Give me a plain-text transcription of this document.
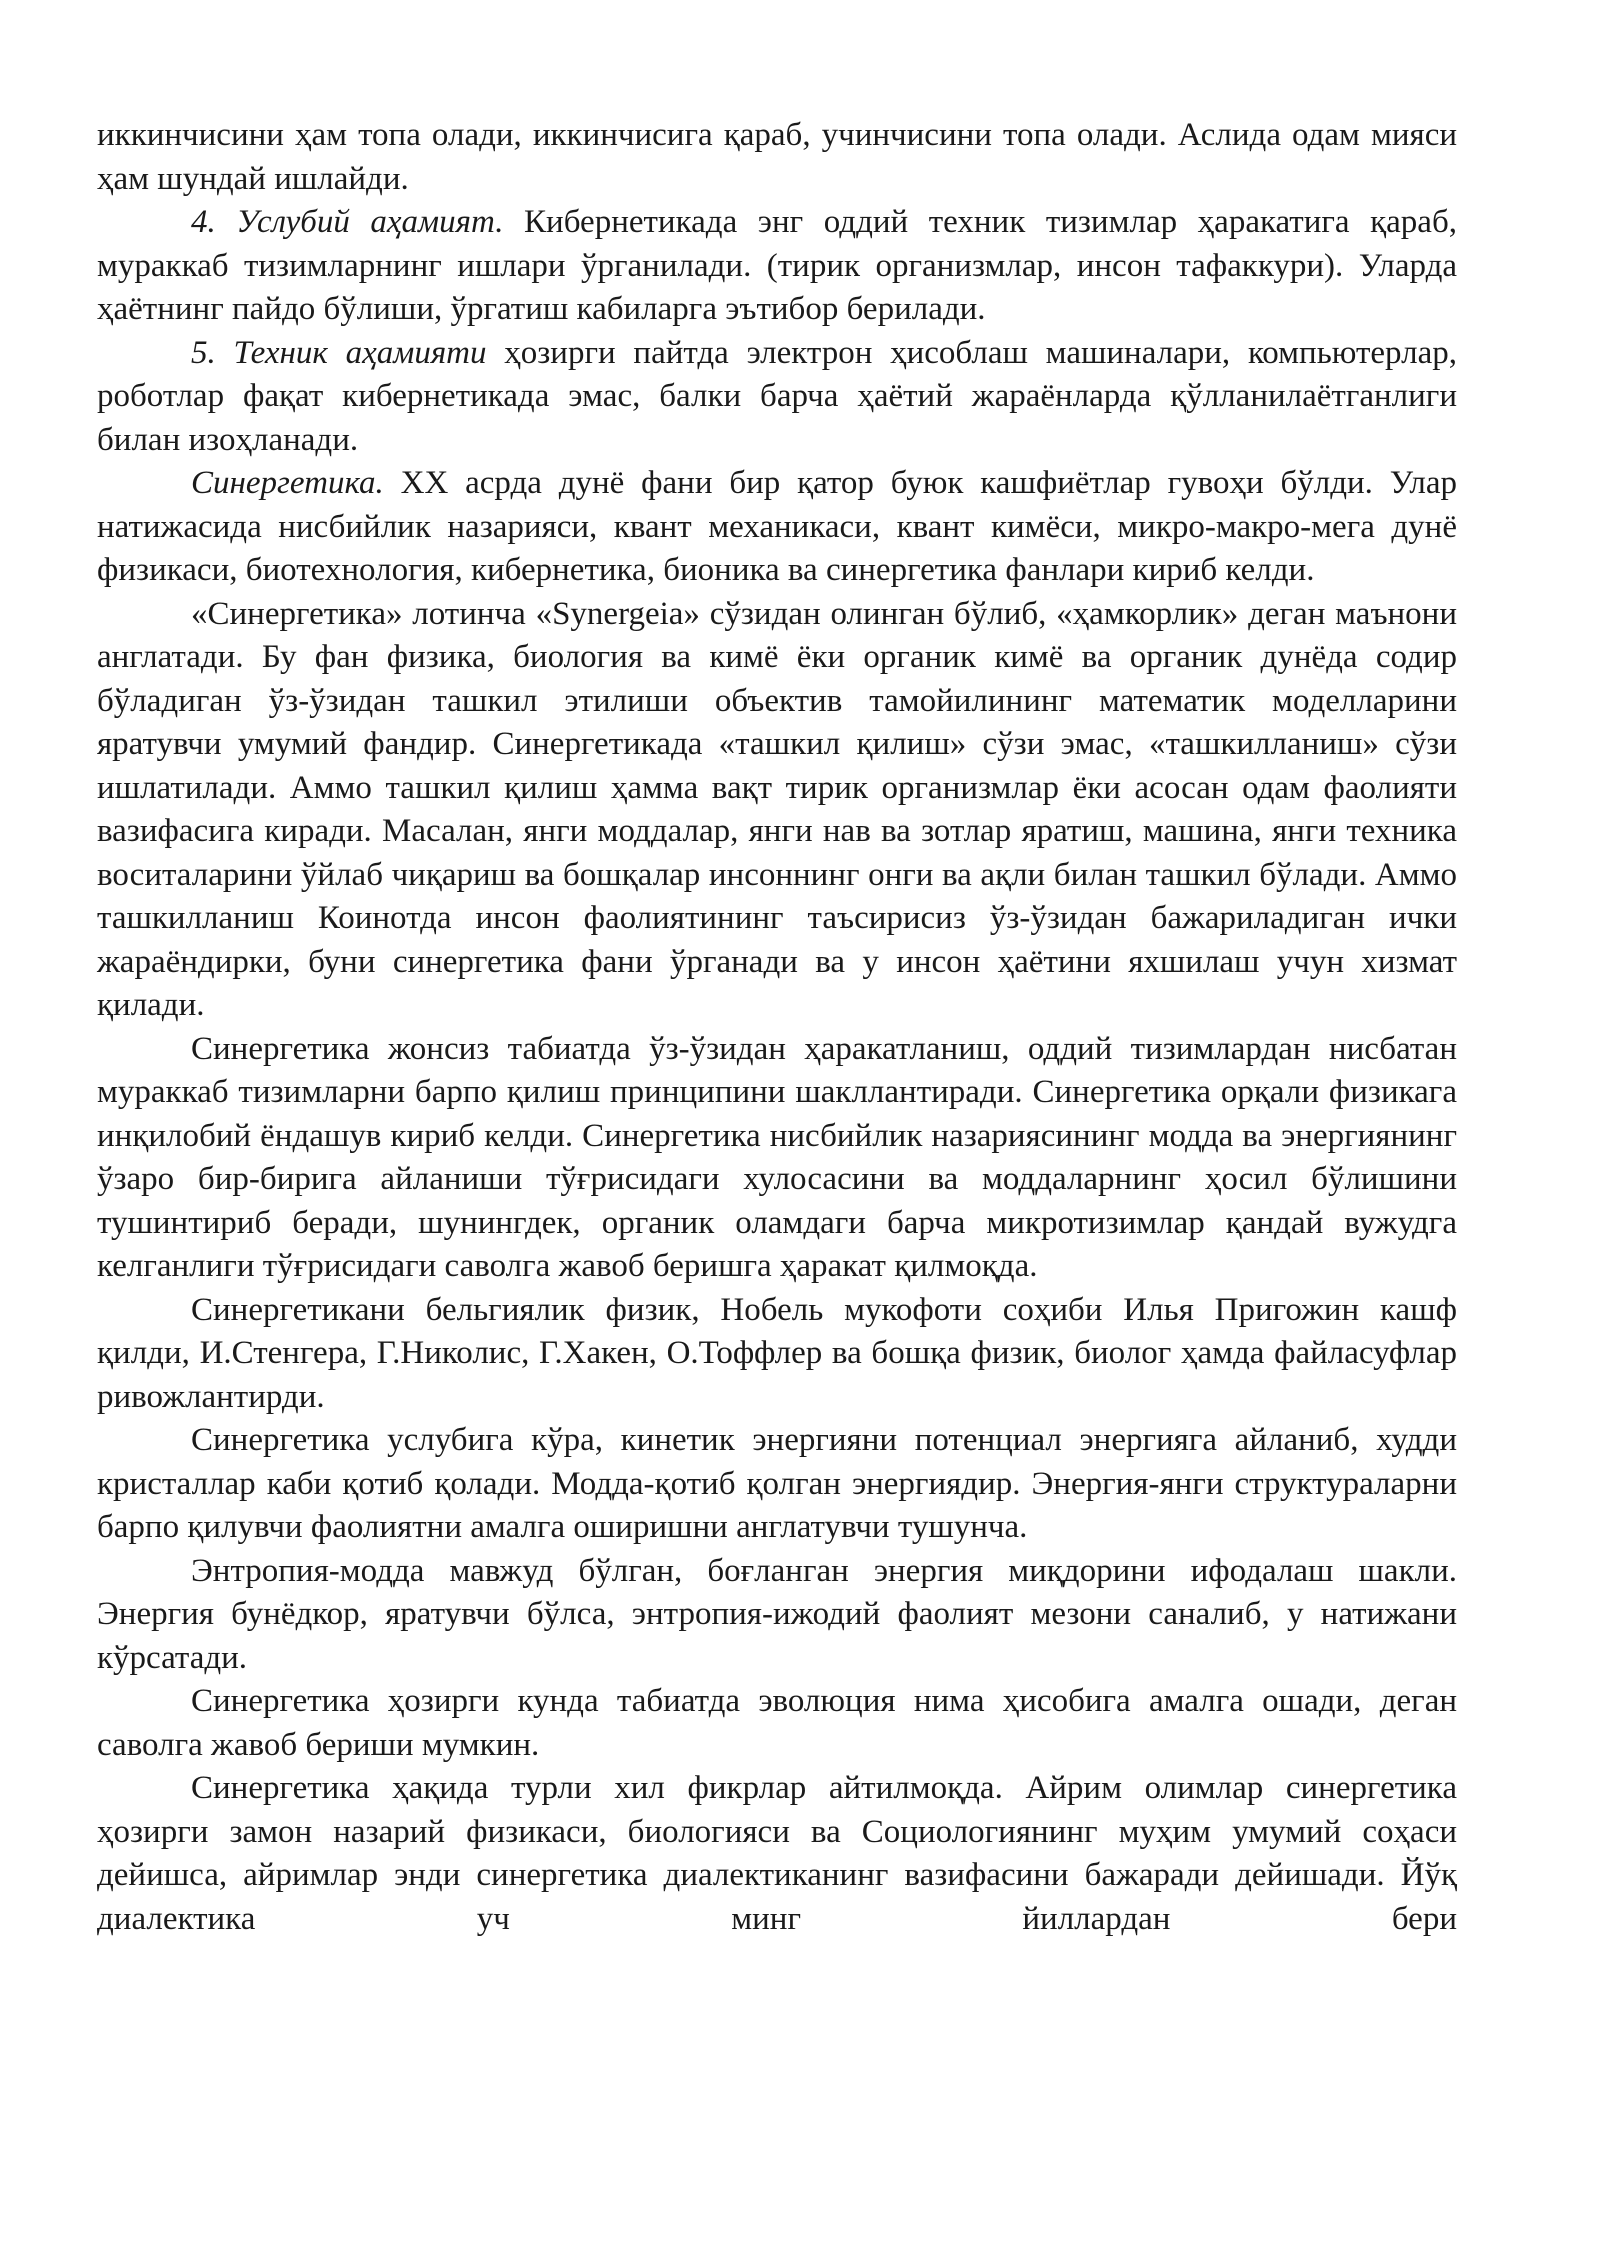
иккинчисини ҳам топа олади, иккинчисига қараб, учинчисини топа олади. Аслида одам мияси ҳам шундай ишлайди.

4. Услубий аҳамият. Кибернетикада энг оддий техник тизимлар ҳаракатига қараб, мураккаб тизимларнинг ишлари ўрганилади. (тирик организмлар, инсон тафаккури). Уларда ҳаётнинг пайдо бўлиши, ўргатиш кабиларга эътибор берилади.

5. Техник аҳамияти ҳозирги пайтда электрон ҳисоблаш машиналари, компьютерлар, роботлар фақат кибернетикада эмас, балки барча ҳаётий жараёнларда қўлланилаётганлиги билан изоҳланади.

Синергетика. XX асрда дунё фани бир қатор буюк кашфиётлар гувоҳи бўлди. Улар натижасида нисбийлик назарияси, квант механикаси, квант кимёси, микро-макро-мега дунё физикаси, биотехнология, кибернетика, бионика ва синергетика фанлари кириб келди.

«Синергетика» лотинча «Synergeia» сўзидан олинган бўлиб, «ҳамкорлик» деган маънони англатади. Бу фан физика, биология ва кимё ёки органик кимё ва органик дунёда содир бўладиган ўз-ўзидан ташкил этилиши объектив тамойилининг математик моделларини яратувчи умумий фандир. Синергетикада «ташкил қилиш» сўзи эмас, «ташкилланиш» сўзи ишлатилади. Аммо ташкил қилиш ҳамма вақт тирик организмлар ёки асосан одам фаолияти вазифасига киради. Масалан, янги моддалар, янги нав ва зотлар яратиш, машина, янги техника воситаларини ўйлаб чиқариш ва бошқалар инсоннинг онги ва ақли билан ташкил бўлади. Аммо ташкилланиш Коинотда инсон фаолиятининг таъсирисиз ўз-ўзидан бажариладиган ички жараёндирки, буни синергетика фани ўрганади ва у инсон ҳаётини яхшилаш учун хизмат қилади.

Синергетика жонсиз табиатда ўз-ўзидан ҳаракатланиш, оддий тизимлардан нисбатан мураккаб тизимларни барпо қилиш принципини шакллантиради. Синергетика орқали физикага инқилобий ёндашув кириб келди. Синергетика нисбийлик назариясининг модда ва энергиянинг ўзаро бир-бирига айланиши тўғрисидаги хулосасини ва моддаларнинг ҳосил бўлишини тушинтириб беради, шунингдек, органик оламдаги барча микротизимлар қандай вужудга келганлиги тўғрисидаги саволга жавоб беришга ҳаракат қилмоқда.

Синергетикани бельгиялик физик, Нобель мукофоти соҳиби Илья Пригожин кашф қилди, И.Стенгера, Г.Николис, Г.Хакен, О.Тоффлер ва бошқа физик, биолог ҳамда файласуфлар ривожлантирди.

Синергетика услубига кўра, кинетик энергияни потенциал энергияга айланиб, худди кристаллар каби қотиб қолади. Модда-қотиб қолган энергиядир. Энергия-янги структураларни барпо қилувчи фаолиятни амалга оширишни англатувчи тушунча.

Энтропия-модда мавжуд бўлган, боғланган энергия миқдорини ифодалаш шакли. Энергия бунёдкор, яратувчи бўлса, энтропия-ижодий фаолият мезони саналиб, у натижани кўрсатади.

Синергетика ҳозирги кунда табиатда эволюция нима ҳисобига амалга ошади, деган саволга жавоб бериши мумкин.

Синергетика ҳақида турли хил фикрлар айтилмоқда. Айрим олимлар синергетика ҳозирги замон назарий физикаси, биологияси ва Социологиянинг муҳим умумий соҳаси дейишса, айримлар энди синергетика диалектиканинг вазифасини бажаради дейишади. Йўқ диалектика уч минг йиллардан бери
